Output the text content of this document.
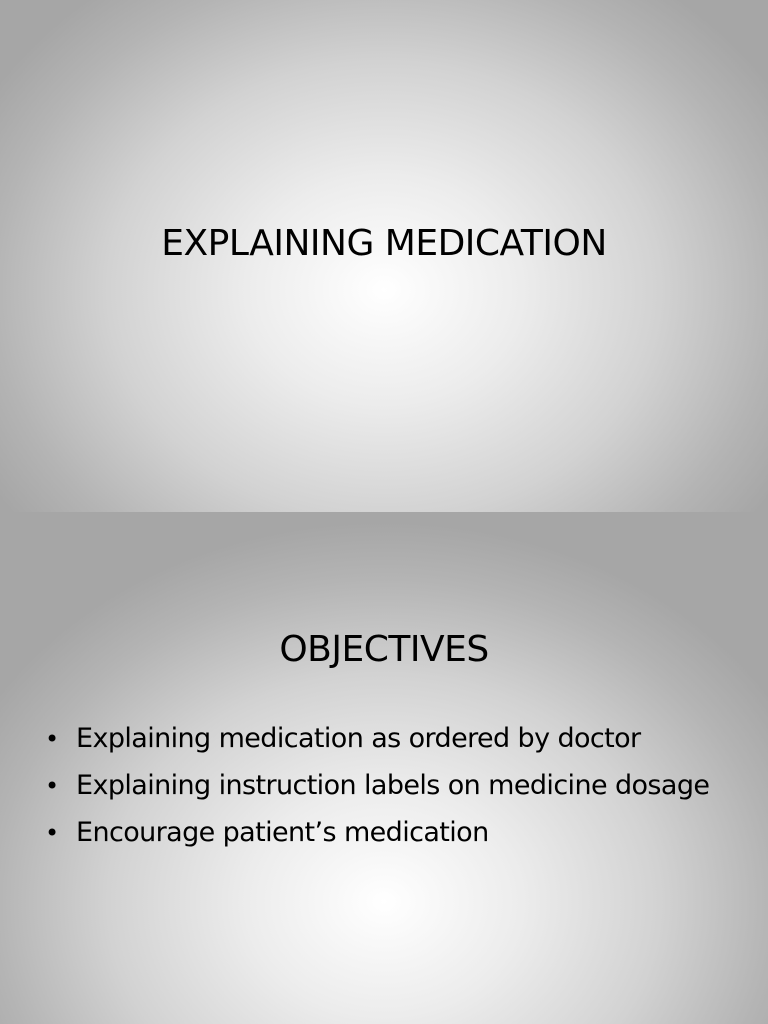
EXPLAINING MEDICATION
OBJECTIVES
• Explaining medication as ordered by doctor
• Explaining instruction labels on medicine dosage
• Encourage patient’s medication
